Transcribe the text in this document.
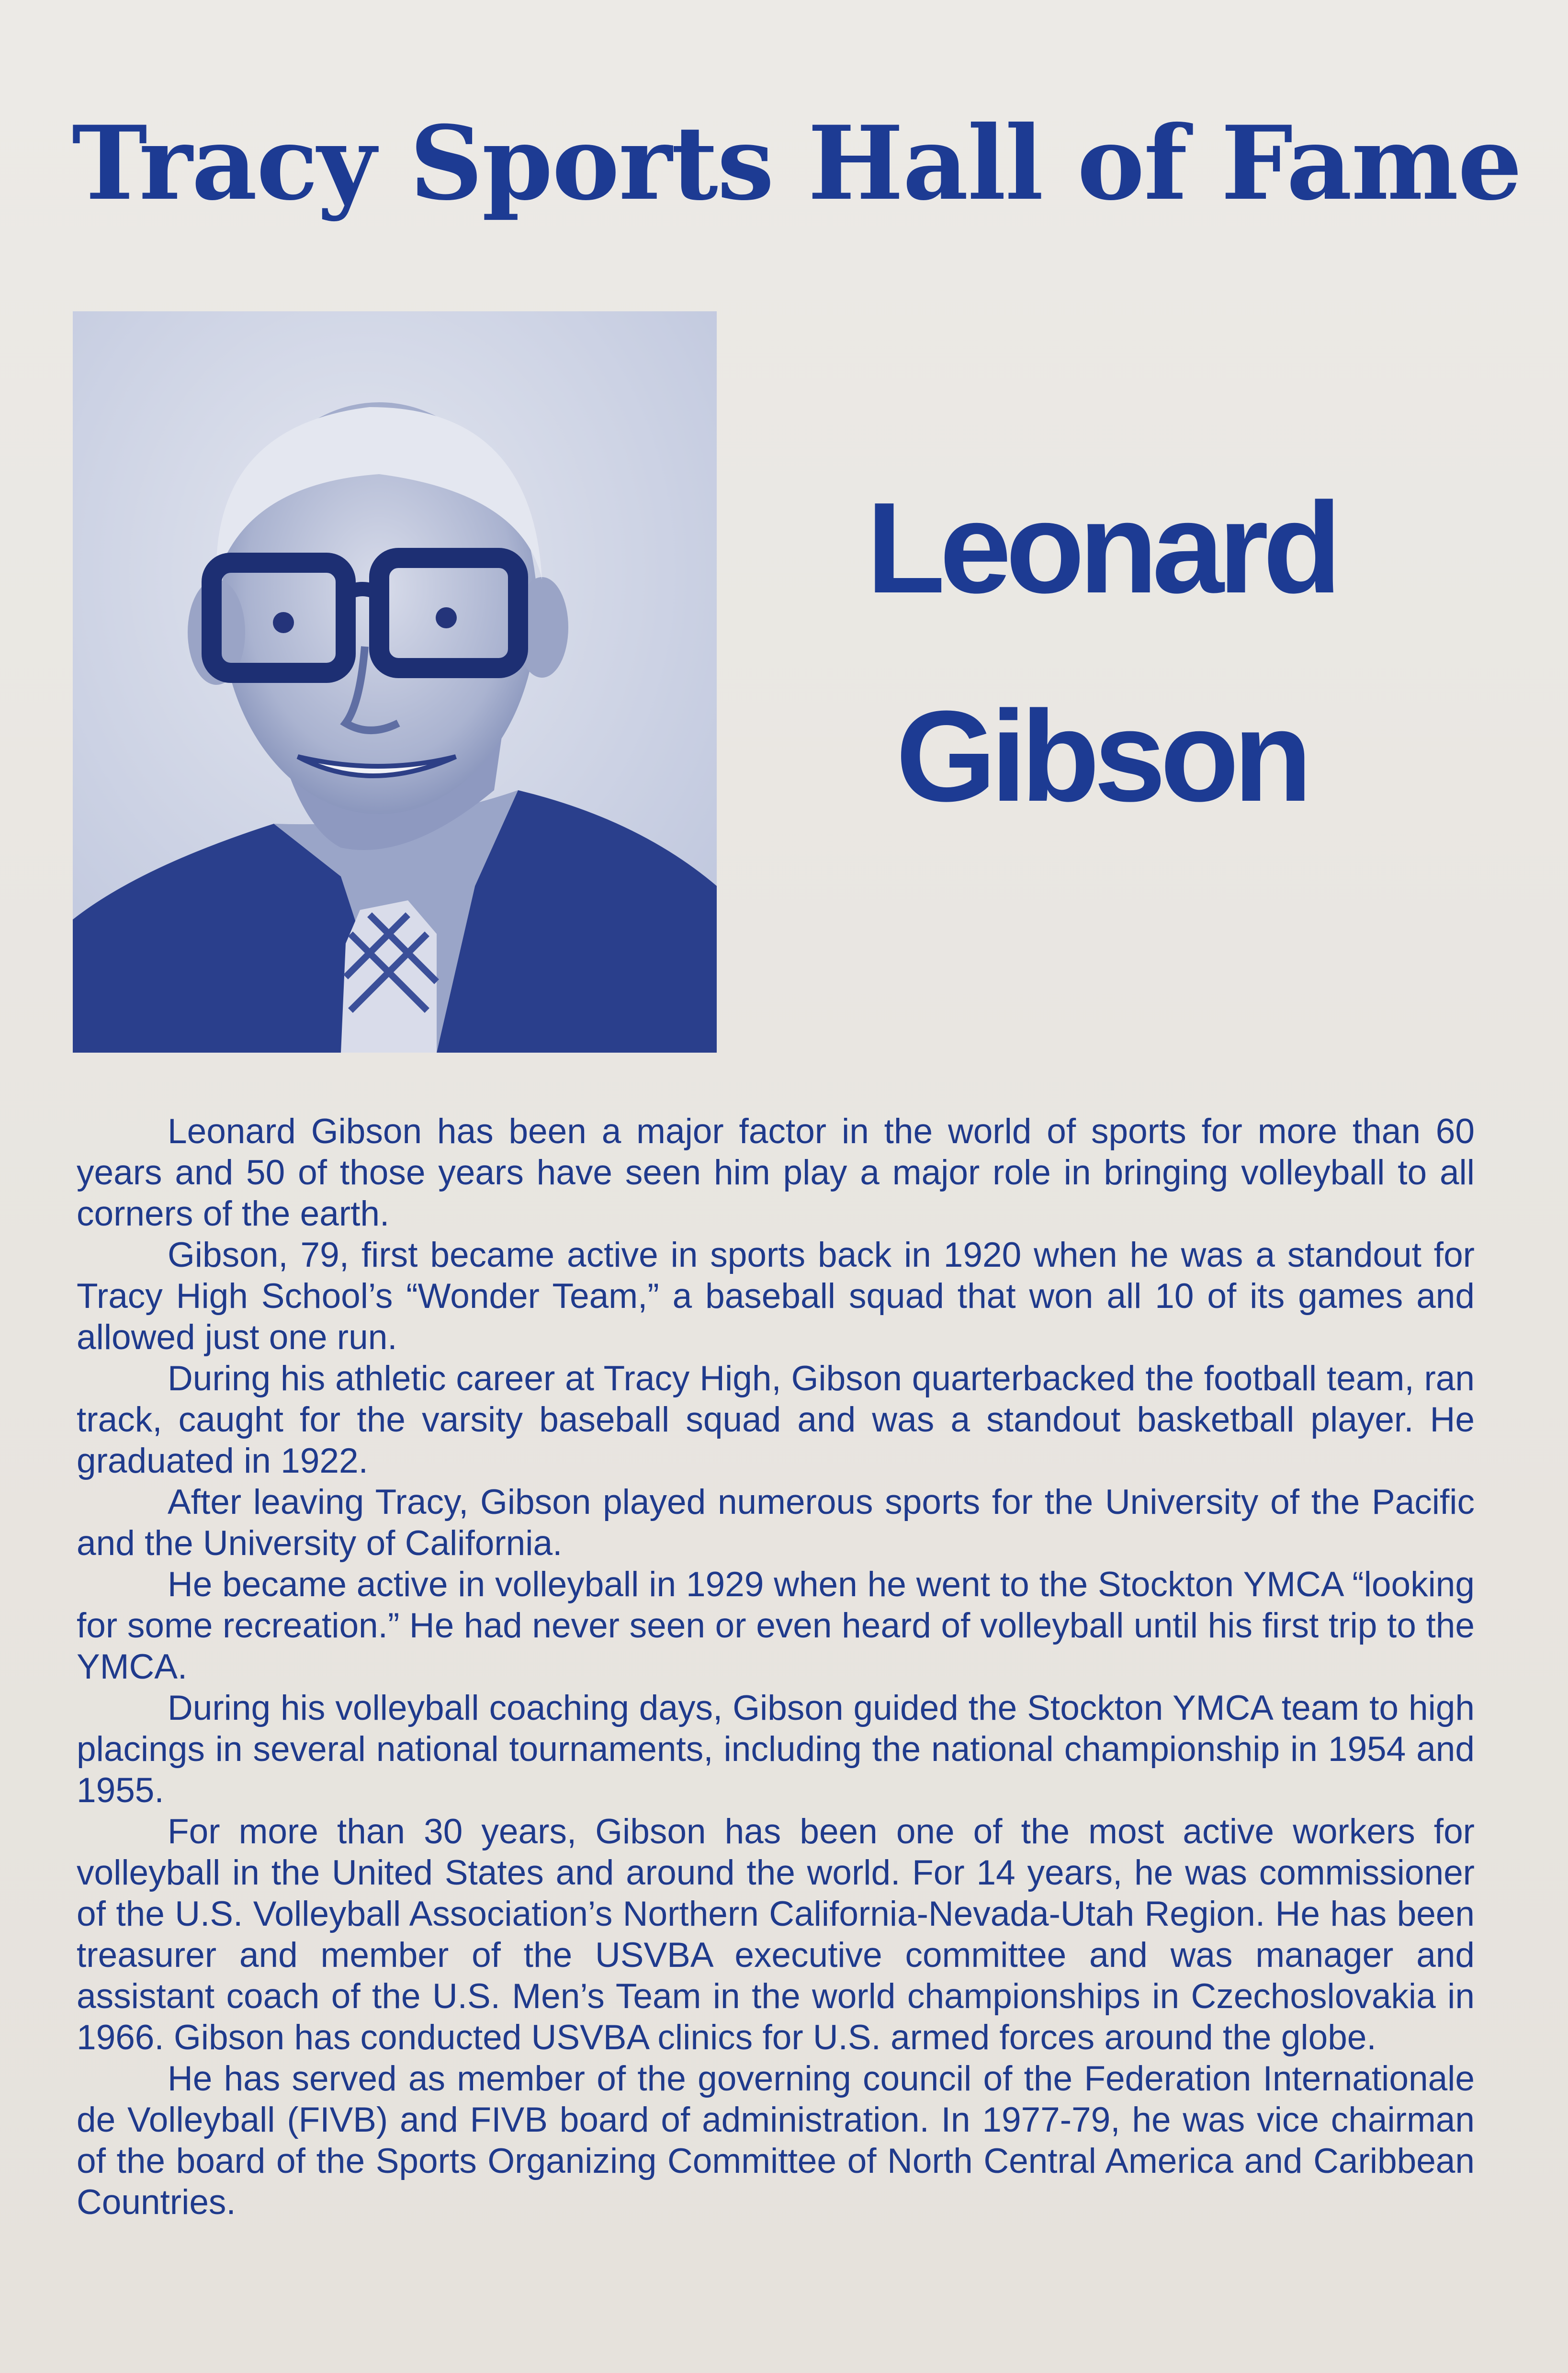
Tracy Sports Hall of Fame
Leonard
Gibson

Leonard Gibson has been a major factor in the world of sports for more than 60 years and 50 of those years have seen him play a major role in bringing volleyball to all corners of the earth.

Gibson, 79, first became active in sports back in 1920 when he was a standout for Tracy High School’s “Wonder Team,” a baseball squad that won all 10 of its games and allowed just one run.

During his athletic career at Tracy High, Gibson quarterbacked the football team, ran track, caught for the varsity baseball squad and was a standout basketball player. He graduated in 1922.

After leaving Tracy, Gibson played numerous sports for the University of the Pacific and the University of California.

He became active in volleyball in 1929 when he went to the Stockton YMCA “looking for some recreation.” He had never seen or even heard of volleyball until his first trip to the YMCA.

During his volleyball coaching days, Gibson guided the Stockton YMCA team to high placings in several national tournaments, including the national championship in 1954 and 1955.

For more than 30 years, Gibson has been one of the most active workers for volleyball in the United States and around the world. For 14 years, he was commissioner of the U.S. Volleyball Association’s Northern California-Nevada-Utah Region. He has been treasurer and member of the USVBA executive committee and was manager and assistant coach of the U.S. Men’s Team in the world championships in Czechoslovakia in 1966. Gibson has conducted USVBA clinics for U.S. armed forces around the globe.

He has served as member of the governing council of the Federation Internationale de Volleyball (FIVB) and FIVB board of administration. In 1977-79, he was vice chairman of the board of the Sports Organizing Committee of North Central America and Caribbean Countries.
